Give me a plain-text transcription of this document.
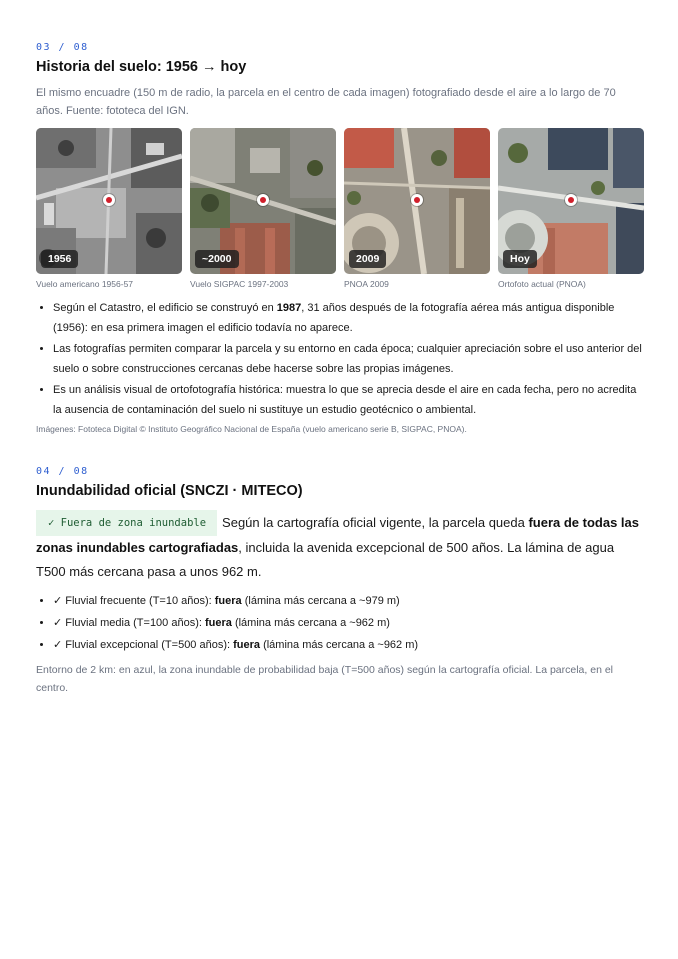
03 / 08
Historia del suelo: 1956 → hoy

El mismo encuadre (150 m de radio, la parcela en el centro de cada imagen) fotografiado desde el aire a lo largo de 70 años. Fuente: fototeca del IGN.

1956
Vuelo americano 1956-57
~2000
Vuelo SIGPAC 1997-2003
2009
PNOA 2009
Hoy
Ortofoto actual (PNOA)
• Según el Catastro, el edificio se construyó en 1987, 31 años después de la fotografía aérea más antigua disponible (1956): en esa primera imagen el edificio todavía no aparece.
• Las fotografías permiten comparar la parcela y su entorno en cada época; cualquier apreciación sobre el uso anterior del suelo o sobre construcciones cercanas debe hacerse sobre las propias imágenes.
• Es un análisis visual de ortofotografía histórica: muestra lo que se aprecia desde el aire en cada fecha, pero no acredita la ausencia de contaminación del suelo ni sustituye un estudio geotécnico o ambiental.

Imágenes: Fototeca Digital © Instituto Geográfico Nacional de España (vuelo americano serie B, SIGPAC, PNOA).

04 / 08
Inundabilidad oficial (SNCZI · MITECO)

✓ Fuera de zona inundable Según la cartografía oficial vigente, la parcela queda fuera de todas las zonas inundables cartografiadas, incluida la avenida excepcional de 500 años. La lámina de agua T500 más cercana pasa a unos 962 m.

• ✓ Fluvial frecuente (T=10 años): fuera (lámina más cercana a ~979 m)
• ✓ Fluvial media (T=100 años): fuera (lámina más cercana a ~962 m)
• ✓ Fluvial excepcional (T=500 años): fuera (lámina más cercana a ~962 m)

Entorno de 2 km: en azul, la zona inundable de probabilidad baja (T=500 años) según la cartografía oficial. La parcela, en el centro.
